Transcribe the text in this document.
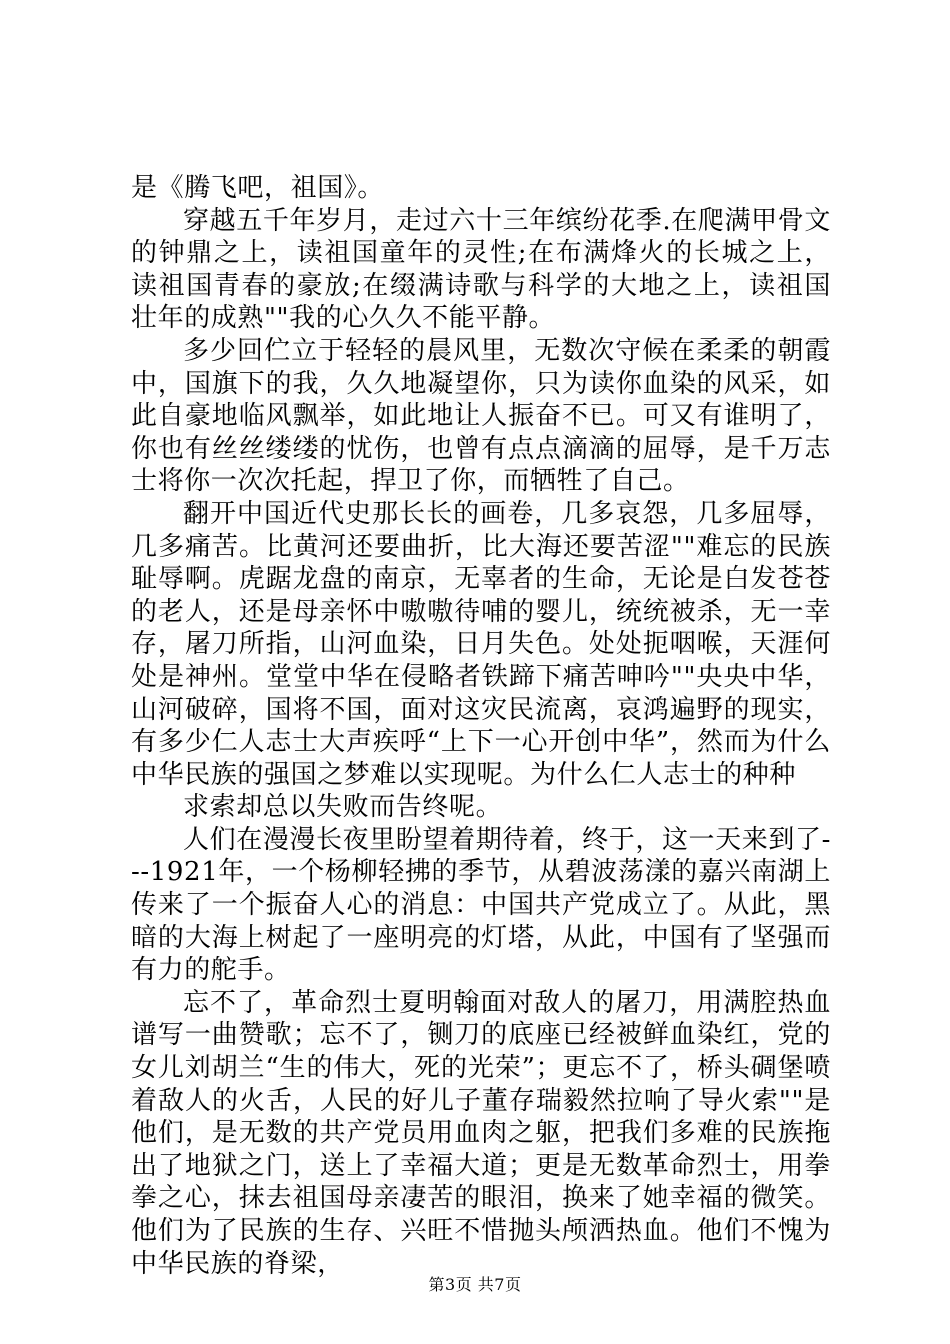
是《腾飞吧，祖国》。

穿越五千年岁月，走过六十三年缤纷花季.在爬满甲骨文的钟鼎之上，读祖国童年的灵性;在布满烽火的长城之上，读祖国青春的豪放;在缀满诗歌与科学的大地之上，读祖国壮年的成熟""我的心久久不能平静。

多少回伫立于轻轻的晨风里，无数次守候在柔柔的朝霞中，国旗下的我，久久地凝望你，只为读你血染的风采，如此自豪地临风飘举，如此地让人振奋不已。可又有谁明了，你也有丝丝缕缕的忧伤，也曾有点点滴滴的屈辱，是千万志士将你一次次托起，捍卫了你，而牺牲了自己。

翻开中国近代史那长长的画卷，几多哀怨，几多屈辱，几多痛苦。比黄河还要曲折，比大海还要苦涩""难忘的民族耻辱啊。虎踞龙盘的南京，无辜者的生命，无论是白发苍苍的老人，还是母亲怀中嗷嗷待哺的婴儿，统统被杀，无一幸存，屠刀所指，山河血染，日月失色。处处扼咽喉，天涯何处是神州。堂堂中华在侵略者铁蹄下痛苦呻吟""央央中华，山河破碎，国将不国，面对这灾民流离，哀鸿遍野的现实，有多少仁人志士大声疾呼“上下一心开创中华”，然而为什么中华民族的强国之梦难以实现呢。为什么仁人志士的种种

求索却总以失败而告终呢。

人们在漫漫长夜里盼望着期待着，终于，这一天来到了---1921年，一个杨柳轻拂的季节，从碧波荡漾的嘉兴南湖上传来了一个振奋人心的消息：中国共产党成立了。从此，黑暗的大海上树起了一座明亮的灯塔，从此，中国有了坚强而有力的舵手。

忘不了，革命烈士夏明翰面对敌人的屠刀，用满腔热血谱写一曲赞歌；忘不了，铡刀的底座已经被鲜血染红，党的女儿刘胡兰“生的伟大，死的光荣”；更忘不了，桥头碉堡喷着敌人的火舌，人民的好儿子董存瑞毅然拉响了导火索""是他们，是无数的共产党员用血肉之躯，把我们多难的民族拖出了地狱之门，送上了幸福大道；更是无数革命烈士，用拳拳之心，抹去祖国母亲凄苦的眼泪，换来了她幸福的微笑。他们为了民族的生存、兴旺不惜抛头颅洒热血。他们不愧为中华民族的脊梁，

第3页 共7页
